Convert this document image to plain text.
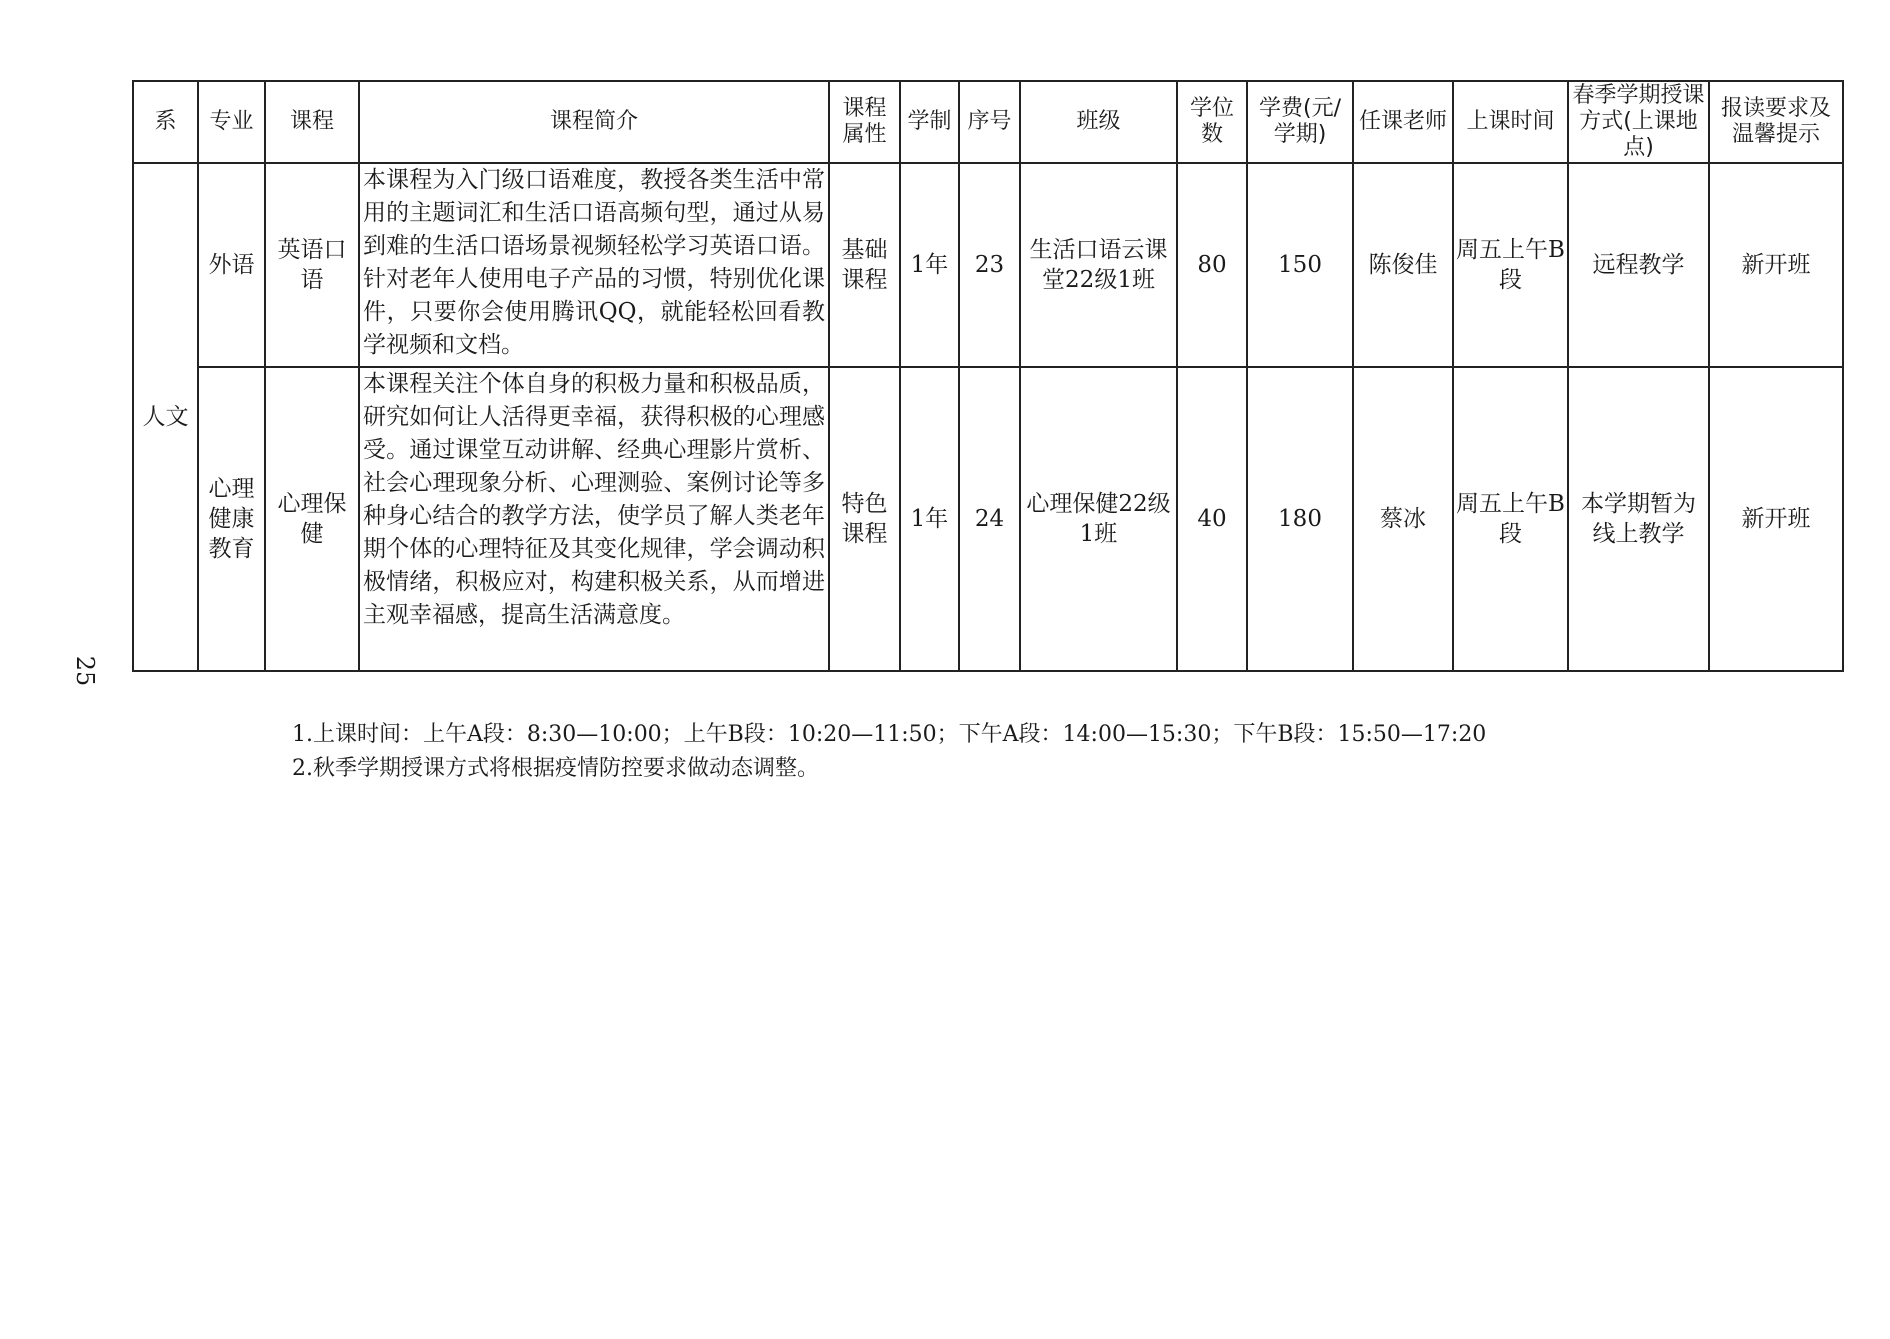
25
系	专业	课程	课程简介	课程属性	学制	序号	班级	学位数	学费(元/学期)	任课老师	上课时间	春季学期授课方式(上课地点)	报读要求及温馨提示
人文	外语	英语口语	本课程为入门级口语难度，教授各类生活中常用的主题词汇和生活口语高频句型，通过从易到难的生活口语场景视频轻松学习英语口语。针对老年人使用电子产品的习惯，特别优化课件，只要你会使用腾讯QQ，就能轻松回看教学视频和文档。	基础课程	1年	23	生活口语云课堂22级1班	80	150	陈俊佳	周五上午B段	远程教学	新开班
	心理健康教育	心理保健	本课程关注个体自身的积极力量和积极品质，研究如何让人活得更幸福，获得积极的心理感受。通过课堂互动讲解、经典心理影片赏析、社会心理现象分析、心理测验、案例讨论等多种身心结合的教学方法，使学员了解人类老年期个体的心理特征及其变化规律，学会调动积极情绪，积极应对，构建积极关系，从而增进主观幸福感，提高生活满意度。	特色课程	1年	24	心理保健22级1班	40	180	蔡冰	周五上午B段	本学期暂为线上教学	新开班
1.上课时间：上午A段：8:30—10:00；上午B段：10:20—11:50；下午A段：14:00—15:30；下午B段：15:50—17:20
2.秋季学期授课方式将根据疫情防控要求做动态调整。
